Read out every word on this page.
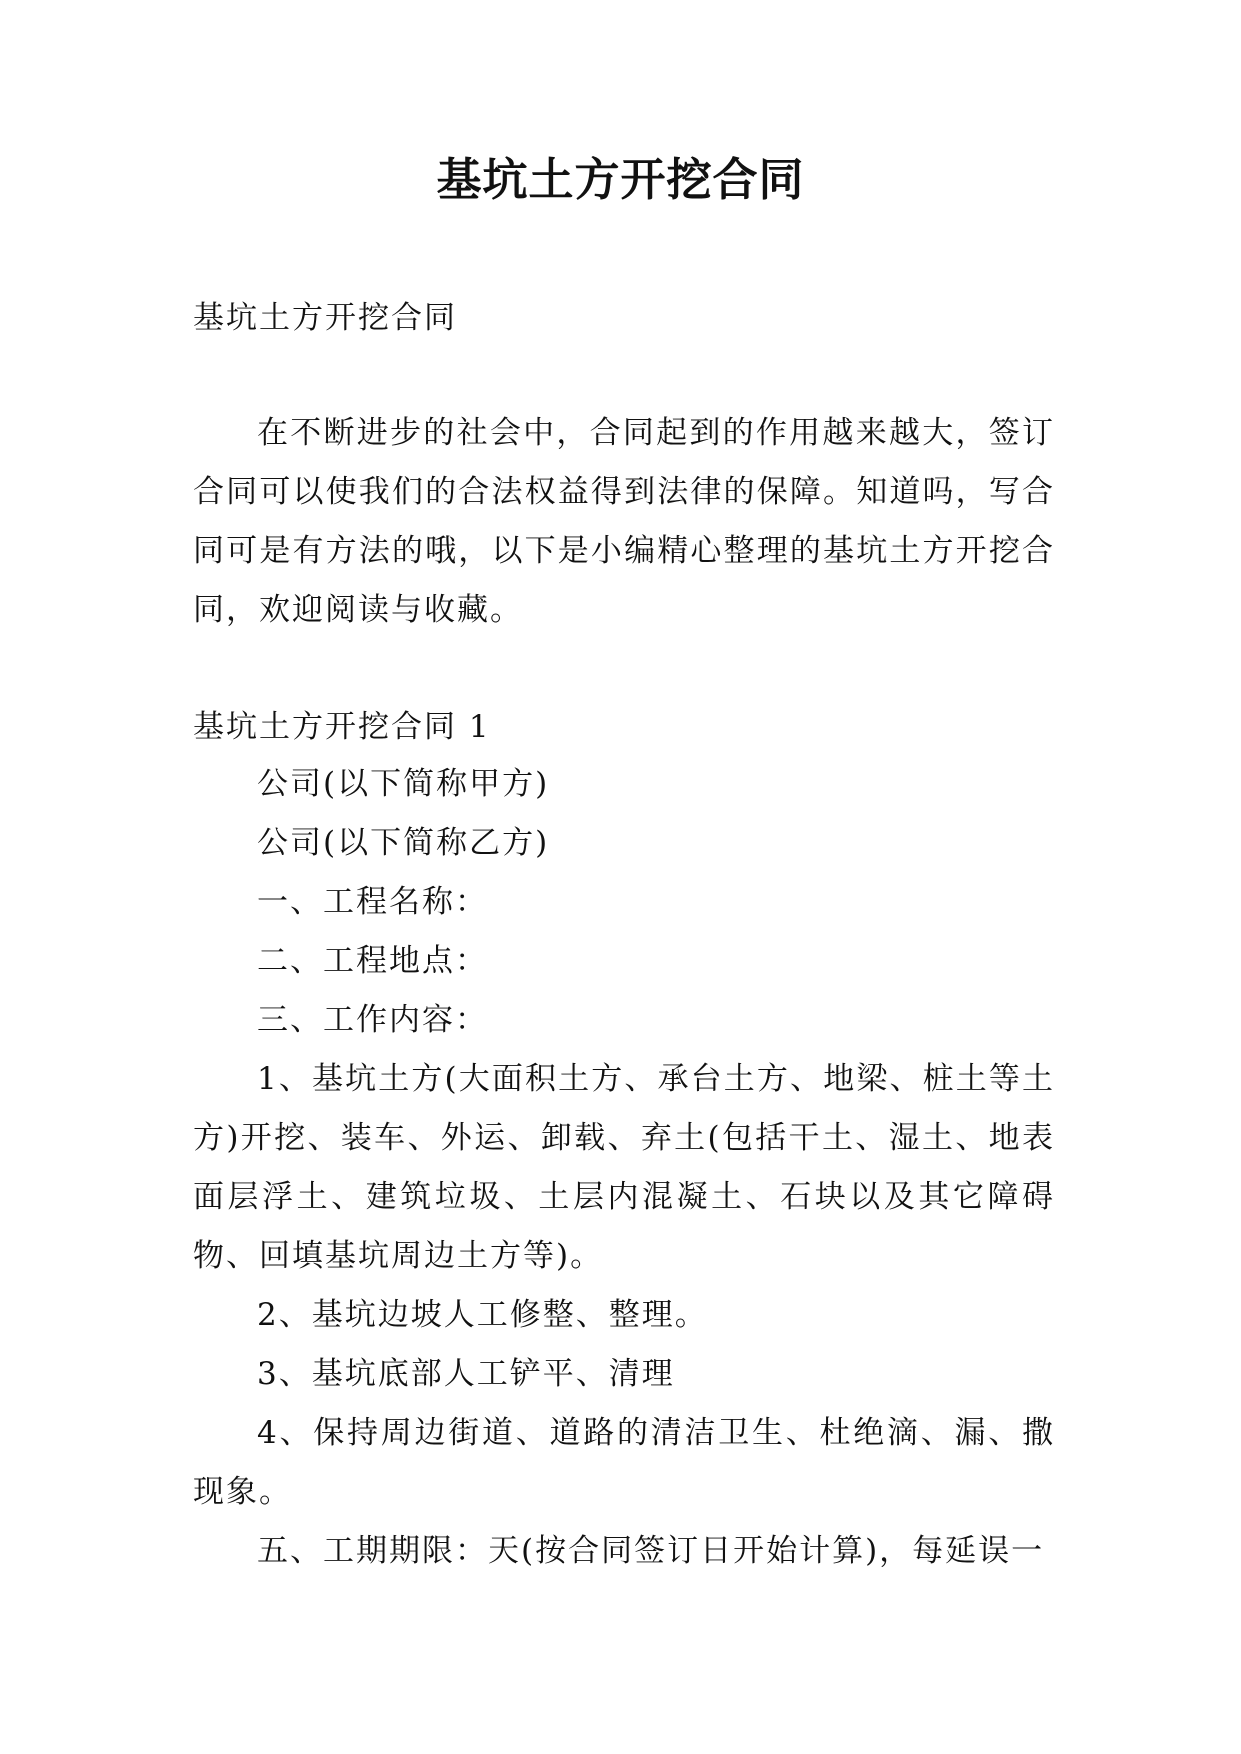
基坑土方开挖合同

基坑土方开挖合同

在不断进步的社会中，合同起到的作用越来越大，签订合同可以使我们的合法权益得到法律的保障。知道吗，写合同可是有方法的哦，以下是小编精心整理的基坑土方开挖合同，欢迎阅读与收藏。

基坑土方开挖合同 1

公司(以下简称甲方)

公司(以下简称乙方)

一、工程名称：

二、工程地点：

三、工作内容：

1、基坑土方(大面积土方、承台土方、地梁、桩土等土方)开挖、装车、外运、卸载、弃土(包括干土、湿土、地表面层浮土、建筑垃圾、土层内混凝土、石块以及其它障碍物、回填基坑周边土方等)。

2、基坑边坡人工修整、整理。

3、基坑底部人工铲平、清理

4、保持周边街道、道路的清洁卫生、杜绝滴、漏、撒现象。

五、工期期限：天(按合同签订日开始计算)，每延误一
